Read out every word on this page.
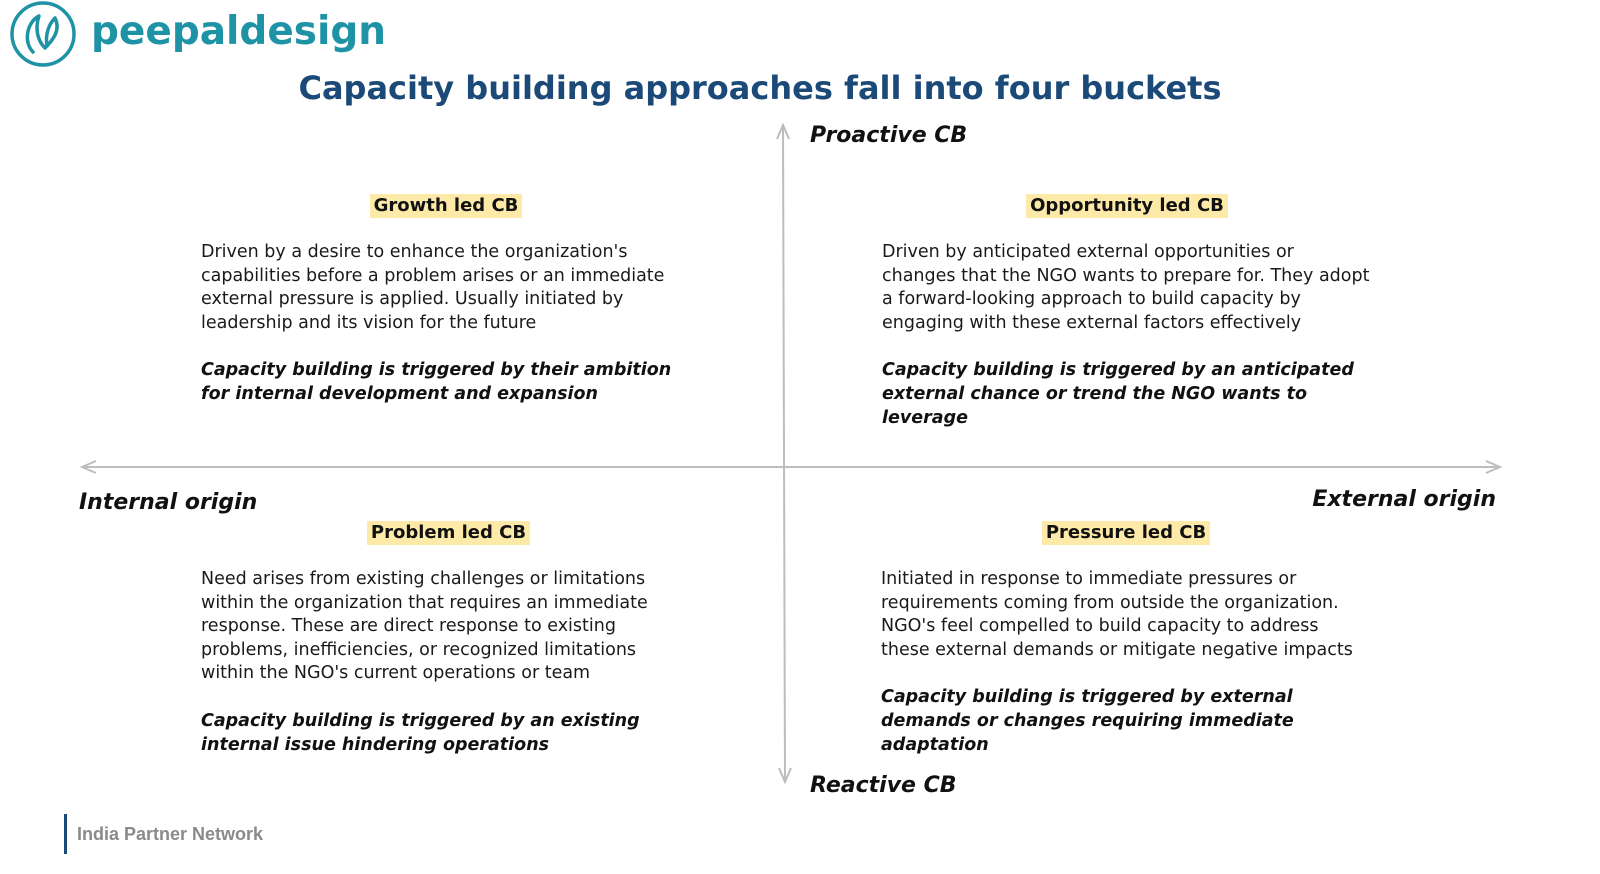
peepaldesign
Capacity building approaches fall into four buckets
Proactive CB
Reactive CB
Internal origin	External origin
Growth led CB
Driven by a desire to enhance the organization's capabilities before a problem arises or an immediate external pressure is applied. Usually initiated by leadership and its vision for the future
Capacity building is triggered by their ambition for internal development and expansion
Opportunity led CB
Driven by anticipated external opportunities or changes that the NGO wants to prepare for. They adopt a forward-looking approach to build capacity by engaging with these external factors effectively
Capacity building is triggered by an anticipated external chance or trend the NGO wants to leverage
Problem led CB
Need arises from existing challenges or limitations within the organization that requires an immediate response. These are direct response to existing problems, inefficiencies, or recognized limitations within the NGO's current operations or team
Capacity building is triggered by an existing internal issue hindering operations
Pressure led CB
Initiated in response to immediate pressures or requirements coming from outside the organization. NGO's feel compelled to build capacity to address these external demands or mitigate negative impacts
Capacity building is triggered by external demands or changes requiring immediate adaptation
India Partner Network
